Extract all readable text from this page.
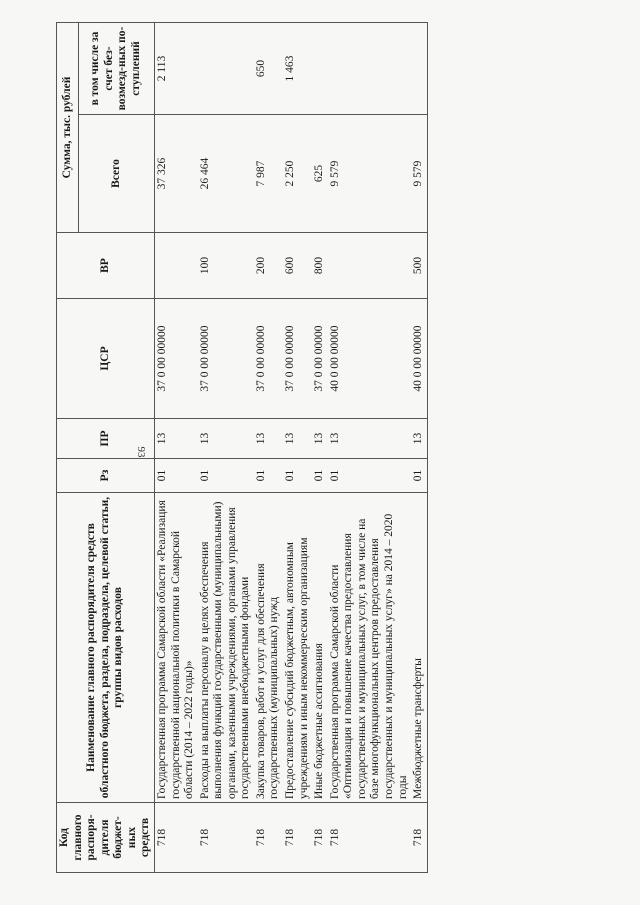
93
Код главного распоря-дителя бюджет-ных средств	Наименование главного распорядителя средств областного бюджета, раздела, подраздела, целевой статьи, группы видов расходов	Рз	ПР	ЦСР	ВР	Сумма, тыс. рублей	
						Всего	в том числе за счет без-возмезд-ных по-ступлений
718	Государственная программа Самарской области «Реализация государственной национальной политики в Самарской области (2014 – 2022 годы)»	01	13	37 0 00 00000		37 326	2 113
718	Расходы на выплаты персоналу в целях обеспечения выполнения функций государственными (муниципальными) органами, казенными учреждениями, органами управления государственными внебюджетными фондами	01	13	37 0 00 00000	100	26 464	
718	Закупка товаров, работ и услуг для обеспечения государственных (муниципальных) нужд	01	13	37 0 00 00000	200	7 987	650
718	Предоставление субсидий бюджетным, автономным учреждениям и иным некоммерческим организациям	01	13	37 0 00 00000	600	2 250	1 463
718	Иные бюджетные ассигнования	01	13	37 0 00 00000	800	625	
718	Государственная программа Самарской области «Оптимизация и повышение качества предоставления государственных и муниципальных услуг, в том числе на базе многофункциональных центров предоставления государственных и муниципальных услуг» на 2014 – 2020 годы	01	13	40 0 00 00000		9 579	
718	Межбюджетные трансферты	01	13	40 0 00 00000	500	9 579	
